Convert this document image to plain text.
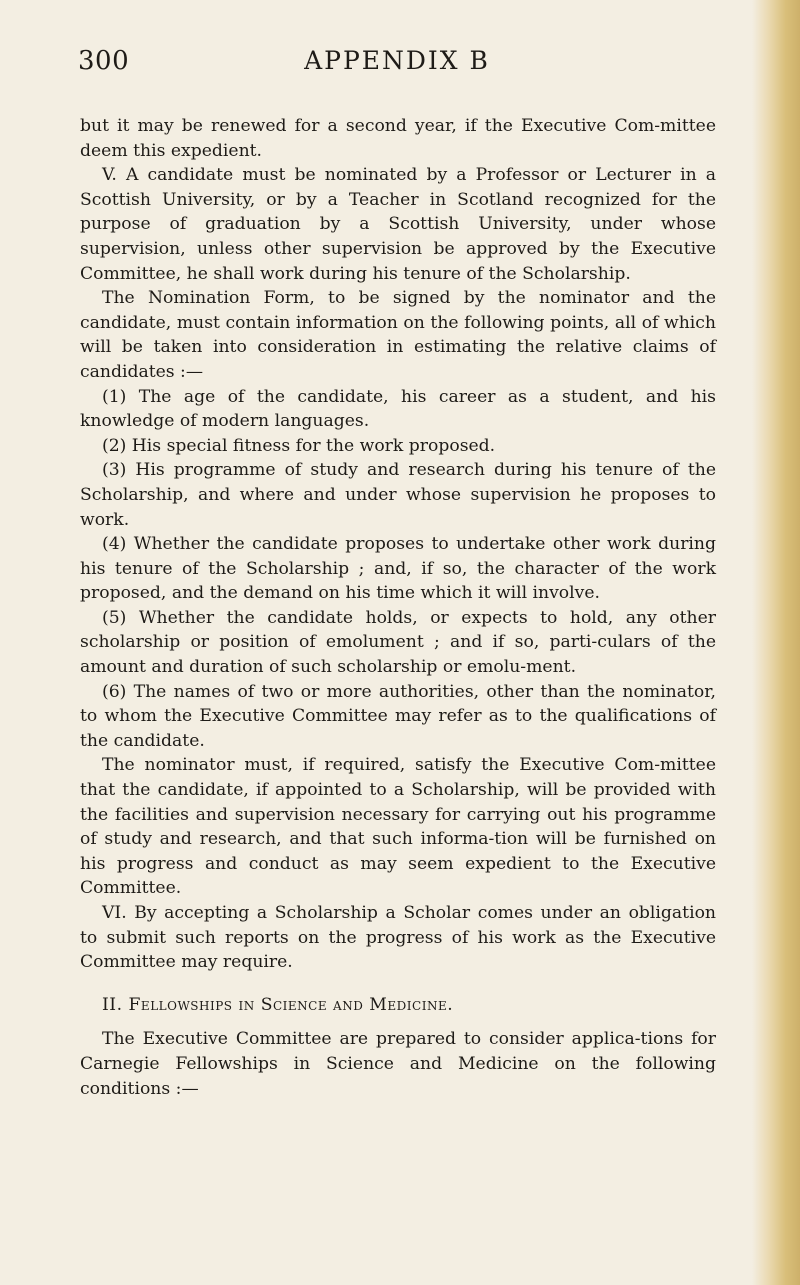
300	APPENDIX B

but it may be renewed for a second year, if the Executive Com-mittee deem this expedient.

V. A candidate must be nominated by a Professor or Lecturer in a Scottish University, or by a Teacher in Scotland recognized for the purpose of graduation by a Scottish University, under whose supervision, unless other supervision be approved by the Executive Committee, he shall work during his tenure of the Scholarship.

The Nomination Form, to be signed by the nominator and the candidate, must contain information on the following points, all of which will be taken into consideration in estimating the relative claims of candidates :—

(1) The age of the candidate, his career as a student, and his knowledge of modern languages.

(2) His special fitness for the work proposed.

(3) His programme of study and research during his tenure of the Scholarship, and where and under whose supervision he proposes to work.

(4) Whether the candidate proposes to undertake other work during his tenure of the Scholarship ; and, if so, the character of the work proposed, and the demand on his time which it will involve.

(5) Whether the candidate holds, or expects to hold, any other scholarship or position of emolument ; and if so, parti-culars of the amount and duration of such scholarship or emolu-ment.

(6) The names of two or more authorities, other than the nominator, to whom the Executive Committee may refer as to the qualifications of the candidate.

The nominator must, if required, satisfy the Executive Com-mittee that the candidate, if appointed to a Scholarship, will be provided with the facilities and supervision necessary for carrying out his programme of study and research, and that such informa-tion will be furnished on his progress and conduct as may seem expedient to the Executive Committee.

VI. By accepting a Scholarship a Scholar comes under an obligation to submit such reports on the progress of his work as the Executive Committee may require.

II. Fellowships in Science and Medicine.

The Executive Committee are prepared to consider applica-tions for Carnegie Fellowships in Science and Medicine on the following conditions :—
